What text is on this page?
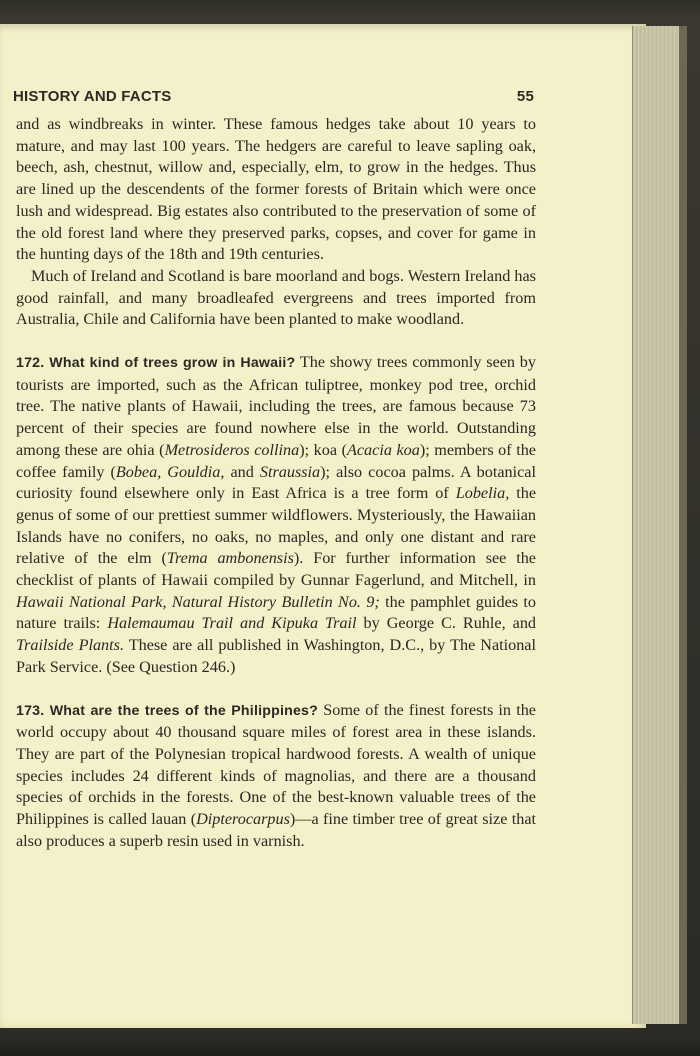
HISTORY AND FACTS	55

and as windbreaks in winter. These famous hedges take about 10 years to mature, and may last 100 years. The hedgers are careful to leave sapling oak, beech, ash, chestnut, willow and, especially, elm, to grow in the hedges. Thus are lined up the descendents of the former forests of Britain which were once lush and widespread. Big estates also contributed to the preservation of some of the old forest land where they preserved parks, copses, and cover for game in the hunting days of the 18th and 19th centuries.

Much of Ireland and Scotland is bare moorland and bogs. Western Ireland has good rainfall, and many broadleafed evergreens and trees imported from Australia, Chile and California have been planted to make woodland.

172. What kind of trees grow in Hawaii? The showy trees commonly seen by tourists are imported, such as the African tuliptree, monkey pod tree, orchid tree. The native plants of Hawaii, including the trees, are famous because 73 percent of their species are found nowhere else in the world. Outstanding among these are ohia (Metrosideros collina); koa (Acacia koa); members of the coffee family (Bobea, Gouldia, and Straussia); also cocoa palms. A botanical curiosity found elsewhere only in East Africa is a tree form of Lobelia, the genus of some of our prettiest summer wildflowers. Mysteriously, the Hawaiian Islands have no conifers, no oaks, no maples, and only one distant and rare relative of the elm (Trema ambonensis). For further information see the checklist of plants of Hawaii compiled by Gunnar Fagerlund, and Mitchell, in Hawaii National Park, Natural History Bulletin No. 9; the pamphlet guides to nature trails: Halemaumau Trail and Kipuka Trail by George C. Ruhle, and Trailside Plants. These are all published in Washington, D.C., by The National Park Service. (See Question 246.)

173. What are the trees of the Philippines? Some of the finest forests in the world occupy about 40 thousand square miles of forest area in these islands. They are part of the Polynesian tropical hardwood forests. A wealth of unique species includes 24 different kinds of magnolias, and there are a thousand species of orchids in the forests. One of the best-known valuable trees of the Philippines is called lauan (Dipterocarpus)—a fine timber tree of great size that also produces a superb resin used in varnish.
